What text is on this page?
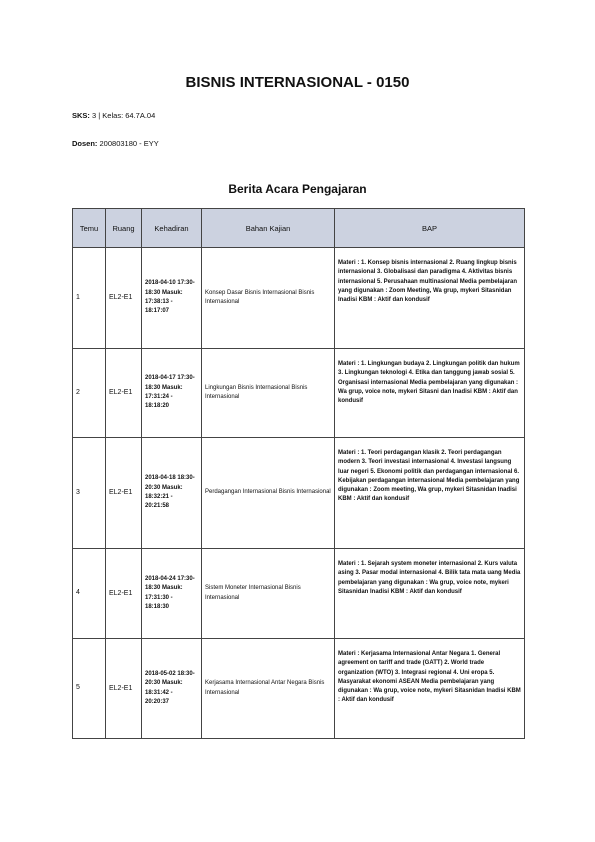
BISNIS INTERNASIONAL - 0150
SKS: 3 | Kelas: 64.7A.04
Dosen: 200803180 - EYY
Berita Acara Pengajaran
Temu	Ruang	Kehadiran	Bahan Kajian	BAP
1	EL2-E1	2018-04-10 17:30-18:30 Masuk: 17:38:13 - 18:17:07	Konsep Dasar Bisnis Internasional Bisnis Internasional	Materi : 1. Konsep bisnis internasional 2. Ruang lingkup bisnis internasional 3. Globalisasi dan paradigma 4. Aktivitas bisnis internasional 5. Perusahaan multinasional Media pembelajaran yang digunakan : Zoom Meeting, Wa grup, mykeri Sitasnidan Inadisi KBM : Aktif dan kondusif
2	EL2-E1	2018-04-17 17:30-18:30 Masuk: 17:31:24 - 18:18:20	Lingkungan Bisnis Internasional Bisnis Internasional	Materi : 1. Lingkungan budaya 2. Lingkungan politik dan hukum 3. Lingkungan teknologi 4. Etika dan tanggung jawab sosial 5. Organisasi internasional Media pembelajaran yang digunakan : Wa grup, voice note, mykeri Sitasni dan Inadisi KBM : Aktif dan kondusif
3	EL2-E1	2018-04-18 18:30-20:30 Masuk: 18:32:21 - 20:21:58	Perdagangan Internasional Bisnis Internasional	Materi : 1. Teori perdagangan klasik 2. Teori perdagangan modern 3. Teori investasi internasional 4. Investasi langsung luar negeri 5. Ekonomi politik dan perdagangan internasional 6. Kebijakan perdagangan internasional Media pembelajaran yang digunakan : Zoom meeting, Wa grup, mykeri Sitasnidan Inadisi KBM : Aktif dan kondusif
4	EL2-E1	2018-04-24 17:30-18:30 Masuk: 17:31:30 - 18:18:30	Sistem Moneter Internasional Bisnis Internasional	Materi : 1. Sejarah system moneter internasional 2. Kurs valuta asing 3. Pasar modal internasional 4. Bilik tata mata uang Media pembelajaran yang digunakan : Wa grup, voice note, mykeri Sitasnidan Inadisi KBM : Aktif dan kondusif
5	EL2-E1	2018-05-02 18:30-20:30 Masuk: 18:31:42 - 20:20:37	Kerjasama Internasional Antar Negara Bisnis Internasional	Materi : Kerjasama Internasional Antar Negara 1. General agreement on tariff and trade (GATT) 2. World trade organization (WTO) 3. Integrasi regional 4. Uni eropa 5. Masyarakat ekonomi ASEAN Media pembelajaran yang digunakan : Wa grup, voice note, mykeri Sitasnidan Inadisi KBM : Aktif dan kondusif
